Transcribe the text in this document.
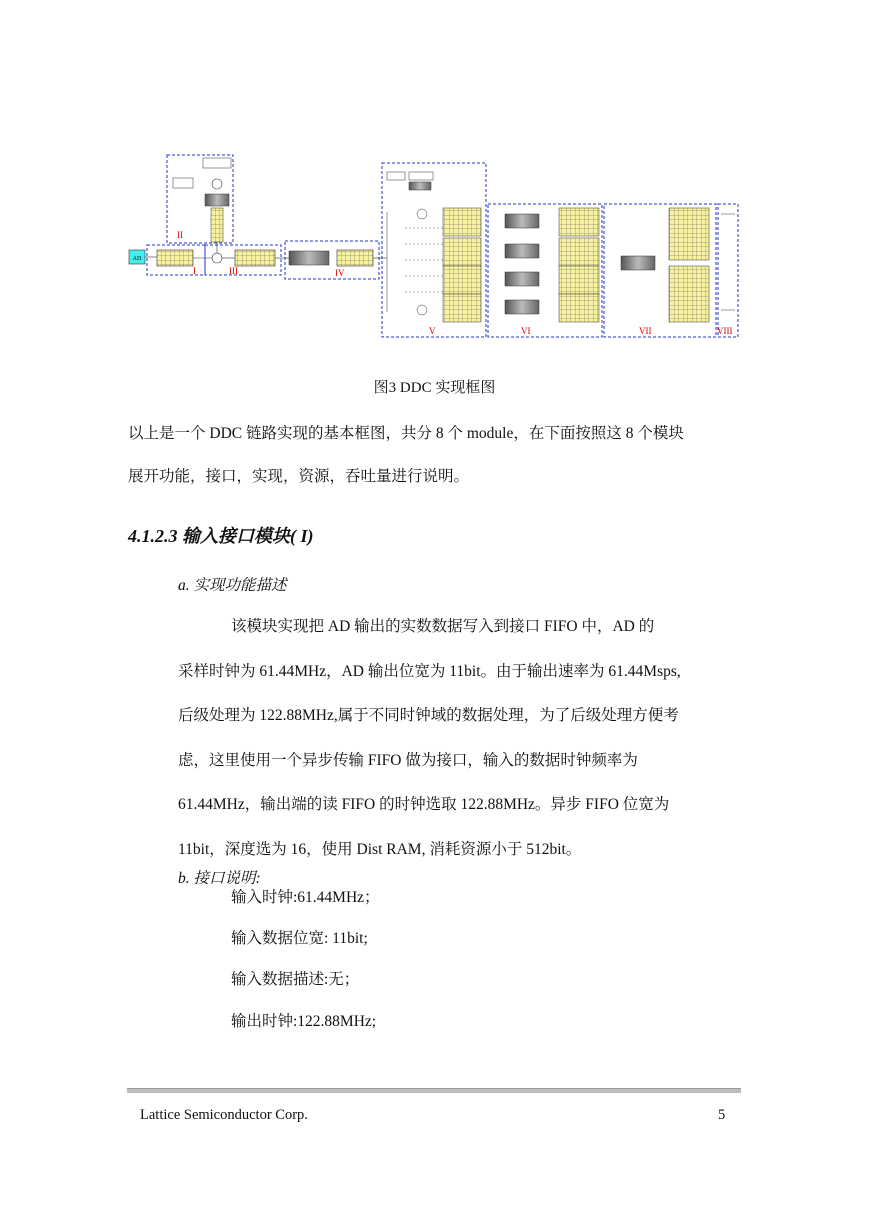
AD
I
II
III	IV
V	VI	VII	VIII
图3 DDC 实现框图
以上是一个 DDC 链路实现的基本框图，共分 8 个 module，在下面按照这 8 个模块
展开功能，接口，实现，资源，吞吐量进行说明。
4.1.2.3 输入接口模块( I)
a. 实现功能描述
该模块实现把 AD 输出的实数数据写入到接口 FIFO 中，AD 的
采样时钟为 61.44MHz，AD 输出位宽为 11bit。由于输出速率为 61.44Msps,
后级处理为 122.88MHz,属于不同时钟域的数据处理，为了后级处理方便考
虑，这里使用一个异步传输 FIFO 做为接口，输入的数据时钟频率为
61.44MHz，输出端的读 FIFO 的时钟选取 122.88MHz。异步 FIFO 位宽为
11bit，深度选为 16，使用 Dist RAM, 消耗资源小于 512bit。
b. 接口说明:
输入时钟:61.44MHz；
输入数据位宽: 11bit;
输入数据描述:无；
输出时钟:122.88MHz;
Lattice Semiconductor Corp.	5
